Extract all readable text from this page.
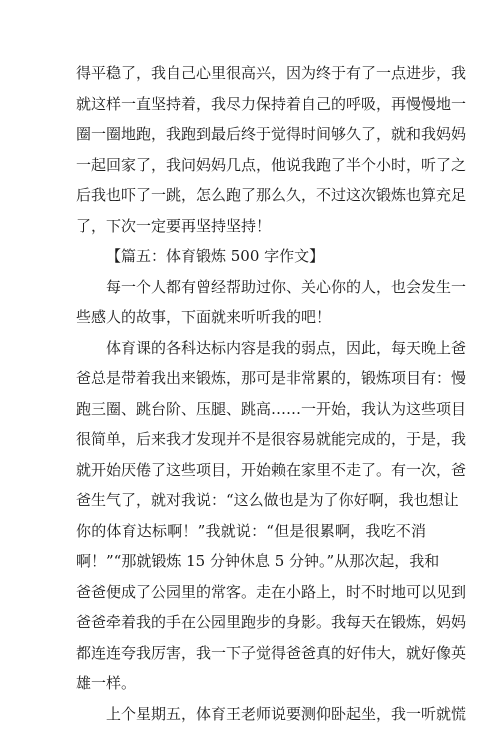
得平稳了，我自己心里很高兴，因为终于有了一点进步，我
就这样一直坚持着，我尽力保持着自己的呼吸，再慢慢地一
圈一圈地跑，我跑到最后终于觉得时间够久了，就和我妈妈
一起回家了，我问妈妈几点，他说我跑了半个小时，听了之
后我也吓了一跳，怎么跑了那么久，不过这次锻炼也算充足
了，下次一定要再坚持坚持！
【篇五：体育锻炼 500 字作文】
每一个人都有曾经帮助过你、关心你的人，也会发生一
些感人的故事，下面就来听听我的吧！
体育课的各科达标内容是我的弱点，因此，每天晚上爸
爸总是带着我出来锻炼，那可是非常累的，锻炼项目有：慢
跑三圈、跳台阶、压腿、跳高……一开始，我认为这些项目
很简单，后来我才发现并不是很容易就能完成的，于是，我
就开始厌倦了这些项目，开始赖在家里不走了。有一次，爸
爸生气了，就对我说：“这么做也是为了你好啊，我也想让
你的体育达标啊！”我就说：“但是很累啊，我吃不消
啊！”“那就锻炼 15 分钟休息 5 分钟。”从那次起，我和
爸爸便成了公园里的常客。走在小路上，时不时地可以见到
爸爸牵着我的手在公园里跑步的身影。我每天在锻炼，妈妈
都连连夸我厉害，我一下子觉得爸爸真的好伟大，就好像英
雄一样。
上个星期五，体育王老师说要测仰卧起坐，我一听就慌
